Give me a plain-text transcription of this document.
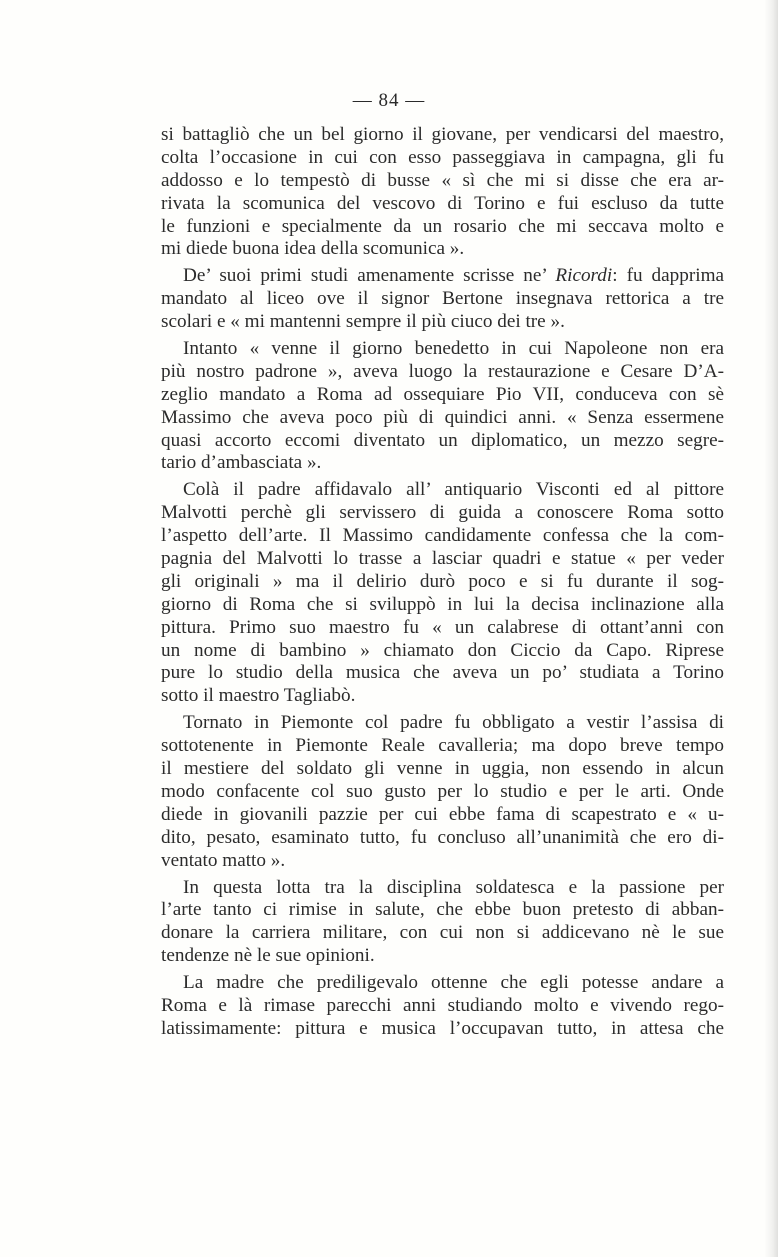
— 84 —
si battagliò che un bel giorno il giovane, per vendicarsi del maestro,
colta l’occasione in cui con esso passeggiava in campagna, gli fu
addosso e lo tempestò di busse « sì che mi si disse che era ar-
rivata la scomunica del vescovo di Torino e fui escluso da tutte
le funzioni e specialmente da un rosario che mi seccava molto e
mi diede buona idea della scomunica ».
De’ suoi primi studi amenamente scrisse ne’ Ricordi: fu dapprima
mandato al liceo ove il signor Bertone insegnava rettorica a tre
scolari e « mi mantenni sempre il più ciuco dei tre ».
Intanto « venne il giorno benedetto in cui Napoleone non era
più nostro padrone », aveva luogo la restaurazione e Cesare D’A-
zeglio mandato a Roma ad ossequiare Pio VII, conduceva con sè
Massimo che aveva poco più di quindici anni. « Senza essermene
quasi accorto eccomi diventato un diplomatico, un mezzo segre-
tario d’ambasciata ».
Colà il padre affidavalo all’ antiquario Visconti ed al pittore
Malvotti perchè gli servissero di guida a conoscere Roma sotto
l’aspetto dell’arte. Il Massimo candidamente confessa che la com-
pagnia del Malvotti lo trasse a lasciar quadri e statue « per veder
gli originali » ma il delirio durò poco e si fu durante il sog-
giorno di Roma che si sviluppò in lui la decisa inclinazione alla
pittura. Primo suo maestro fu « un calabrese di ottant’anni con
un nome di bambino » chiamato don Ciccio da Capo. Riprese
pure lo studio della musica che aveva un po’ studiata a Torino
sotto il maestro Tagliabò.
Tornato in Piemonte col padre fu obbligato a vestir l’assisa di
sottotenente in Piemonte Reale cavalleria; ma dopo breve tempo
il mestiere del soldato gli venne in uggia, non essendo in alcun
modo confacente col suo gusto per lo studio e per le arti. Onde
diede in giovanili pazzie per cui ebbe fama di scapestrato e « u-
dito, pesato, esaminato tutto, fu concluso all’unanimità che ero di-
ventato matto ».
In questa lotta tra la disciplina soldatesca e la passione per
l’arte tanto ci rimise in salute, che ebbe buon pretesto di abban-
donare la carriera militare, con cui non si addicevano nè le sue
tendenze nè le sue opinioni.
La madre che prediligevalo ottenne che egli potesse andare a
Roma e là rimase parecchi anni studiando molto e vivendo rego-
latissimamente: pittura e musica l’occupavan tutto, in attesa che
